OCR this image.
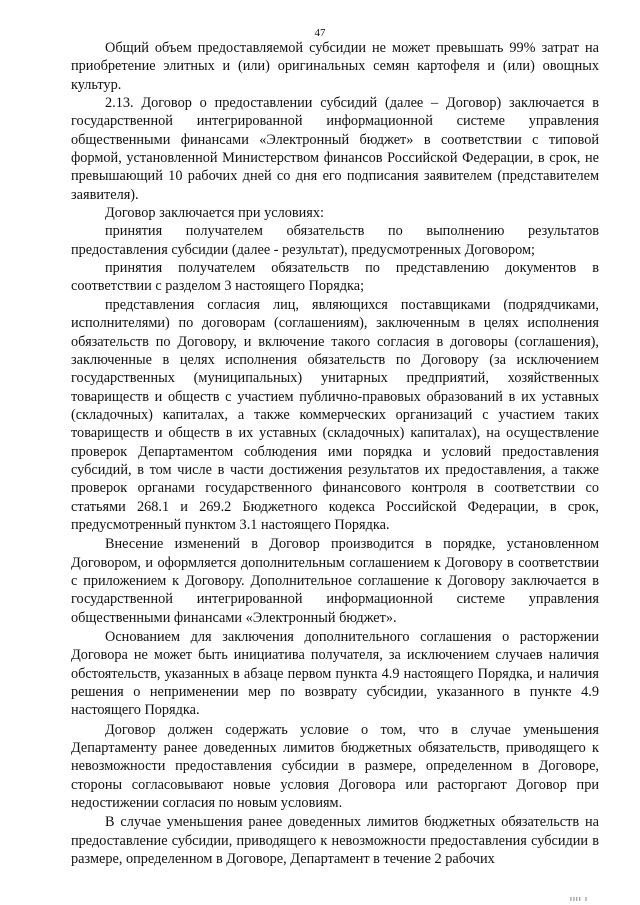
47

Общий объем предоставляемой субсидии не может превышать 99% затрат на приобретение элитных и (или) оригинальных семян картофеля и (или) овощных культур.

2.13. Договор о предоставлении субсидий (далее – Договор) заключается в государственной интегрированной информационной системе управления общественными финансами «Электронный бюджет» в соответствии с типовой формой, установленной Министерством финансов Российской Федерации, в срок, не превышающий 10 рабочих дней со дня его подписания заявителем (представителем заявителя).

Договор заключается при условиях:

принятия получателем обязательств по выполнению результатов предоставления субсидии (далее - результат), предусмотренных Договором;

принятия получателем обязательств по представлению документов в соответствии с разделом 3 настоящего Порядка;

представления согласия лиц, являющихся поставщиками (подрядчиками, исполнителями) по договорам (соглашениям), заключенным в целях исполнения обязательств по Договору, и включение такого согласия в договоры (соглашения), заключенные в целях исполнения обязательств по Договору (за исключением государственных (муниципальных) унитарных предприятий, хозяйственных товариществ и обществ с участием публично-правовых образований в их уставных (складочных) капиталах, а также коммерческих организаций с участием таких товариществ и обществ в их уставных (складочных) капиталах), на осуществление проверок Департаментом соблюдения ими порядка и условий предоставления субсидий, в том числе в части достижения результатов их предоставления, а также проверок органами государственного финансового контроля в соответствии со статьями 268.1 и 269.2 Бюджетного кодекса Российской Федерации, в срок, предусмотренный пунктом 3.1 настоящего Порядка.

Внесение изменений в Договор производится в порядке, установленном Договором, и оформляется дополнительным соглашением к Договору в соответствии с приложением к Договору. Дополнительное соглашение к Договору заключается в государственной интегрированной информационной системе управления общественными финансами «Электронный бюджет».

Основанием для заключения дополнительного соглашения о расторжении Договора не может быть инициатива получателя, за исключением случаев наличия обстоятельств, указанных в абзаце первом пункта 4.9 настоящего Порядка, и наличия решения о неприменении мер по возврату субсидии, указанного в пункте 4.9 настоящего Порядка.

Договор должен содержать условие о том, что в случае уменьшения Департаменту ранее доведенных лимитов бюджетных обязательств, приводящего к невозможности предоставления субсидии в размере, определенном в Договоре, стороны согласовывают новые условия Договора или расторгают Договор при недостижении согласия по новым условиям.

В случае уменьшения ранее доведенных лимитов бюджетных обязательств на предоставление субсидии, приводящего к невозможности предоставления субсидии в размере, определенном в Договоре, Департамент в течение 2 рабочих

ıııı ı
